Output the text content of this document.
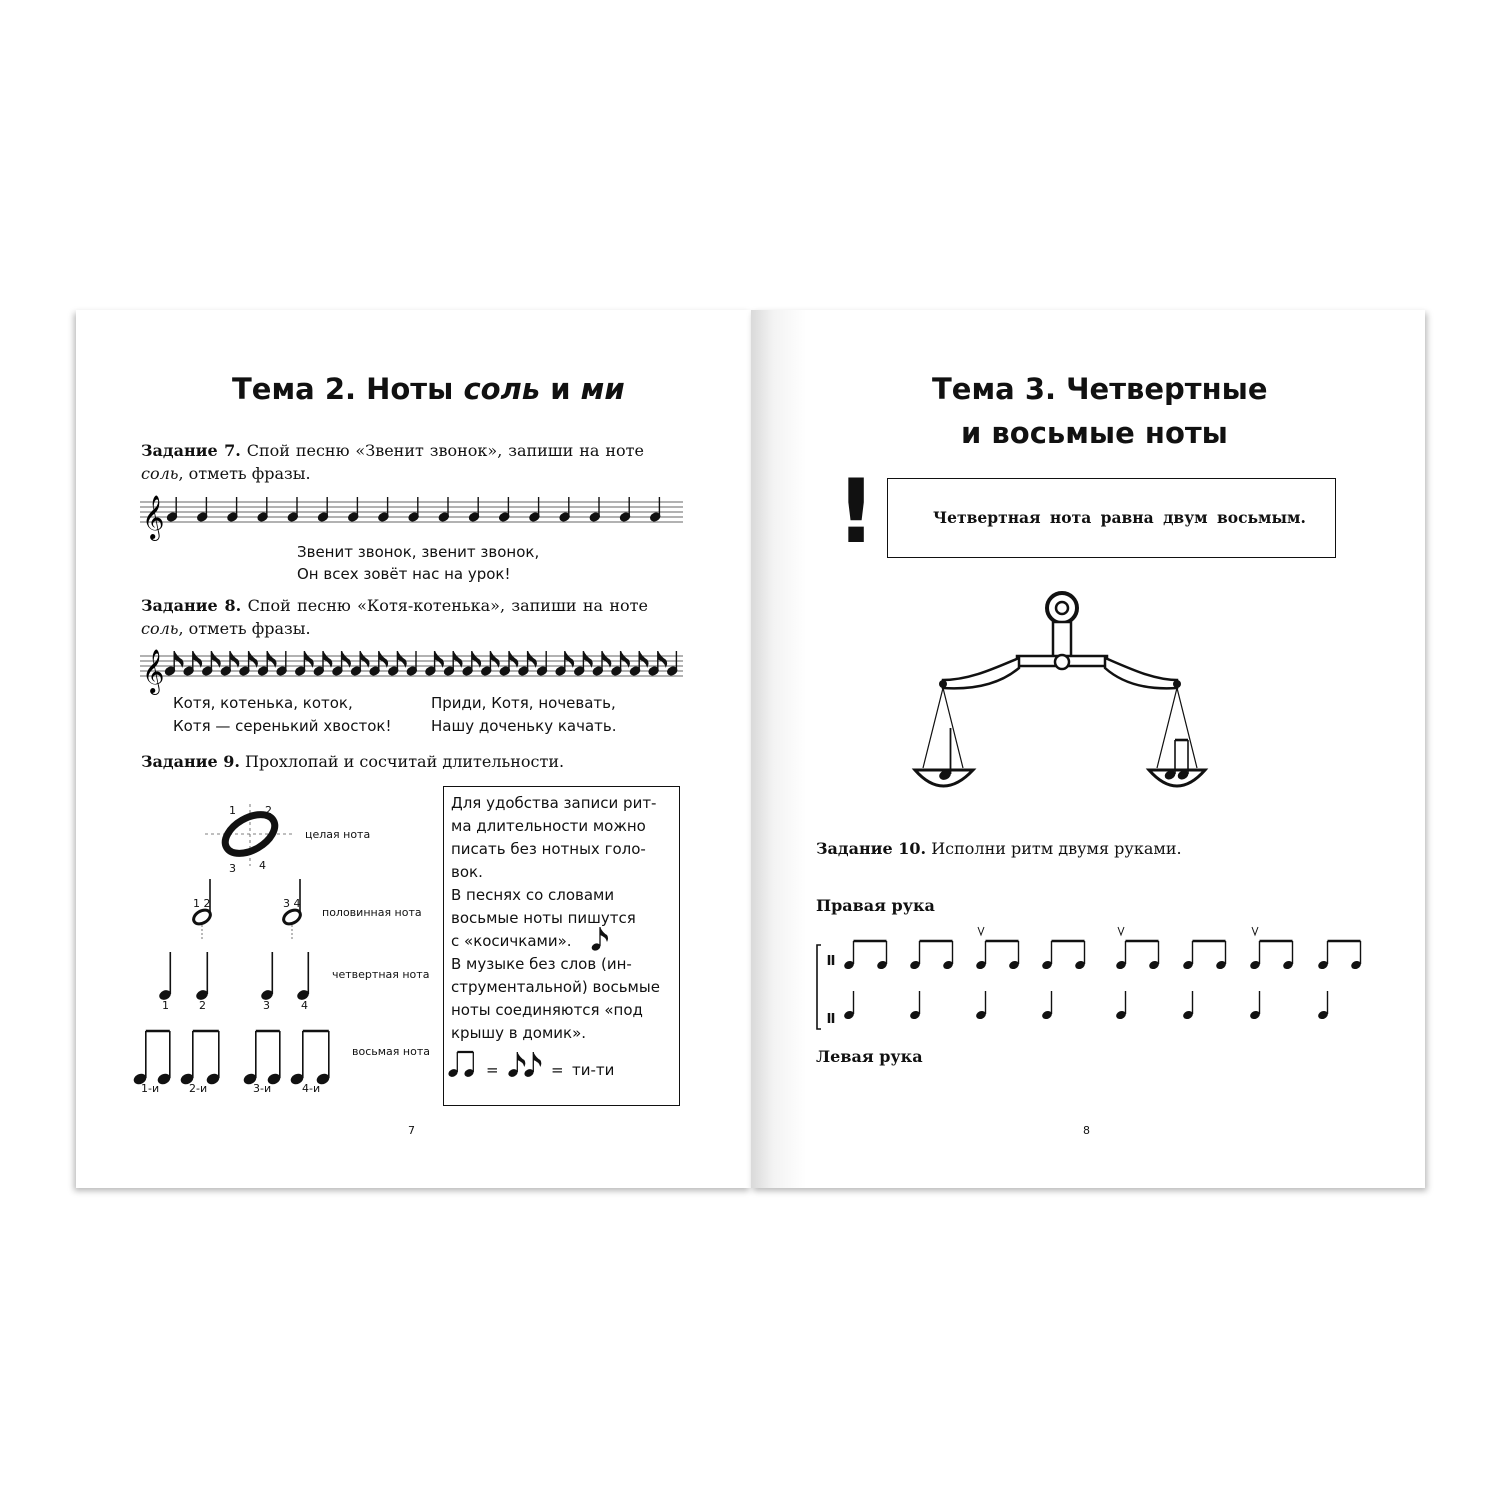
Тема 2. Ноты соль и ми
Задание 7. Спой песню «Звенит звонок», запиши на ноте соль, отметь фразы.
𝄞
Звенит звонок, звенит звонок,
Он всех зовёт нас на урок!
Задание 8. Спой песню «Котя-котенька», запиши на ноте соль, отметь фразы.
𝄞
Котя, котенька, коток,
Котя — серенький хвосток!
Приди, Котя, ночевать,
Нашу доченьку качать.
Задание 9. Прохлопай и сосчитай длительности.
целая нота
половинная нота
четвертная нота
восьмая нота
1	2
3 4
1 2	3 4
1	2	3	4
1-и	2-и	3-и	4-и
Для удобства записи рит-
ма длительности можно
писать без нотных голо-
вок.
В песнях со словами
восьмые ноты пишутся
с «косичками».
В музыке без слов (ин-
струментальной) восьмые
ноты соединяются «под
крышу в домик».
=	= ти-ти
7
Тема 3. Четвертные
и восьмые ноты
!	Четвертная нота равна двум восьмым.
Задание 10. Исполни ритм двумя руками.
Правая рука
Левая рука
8
